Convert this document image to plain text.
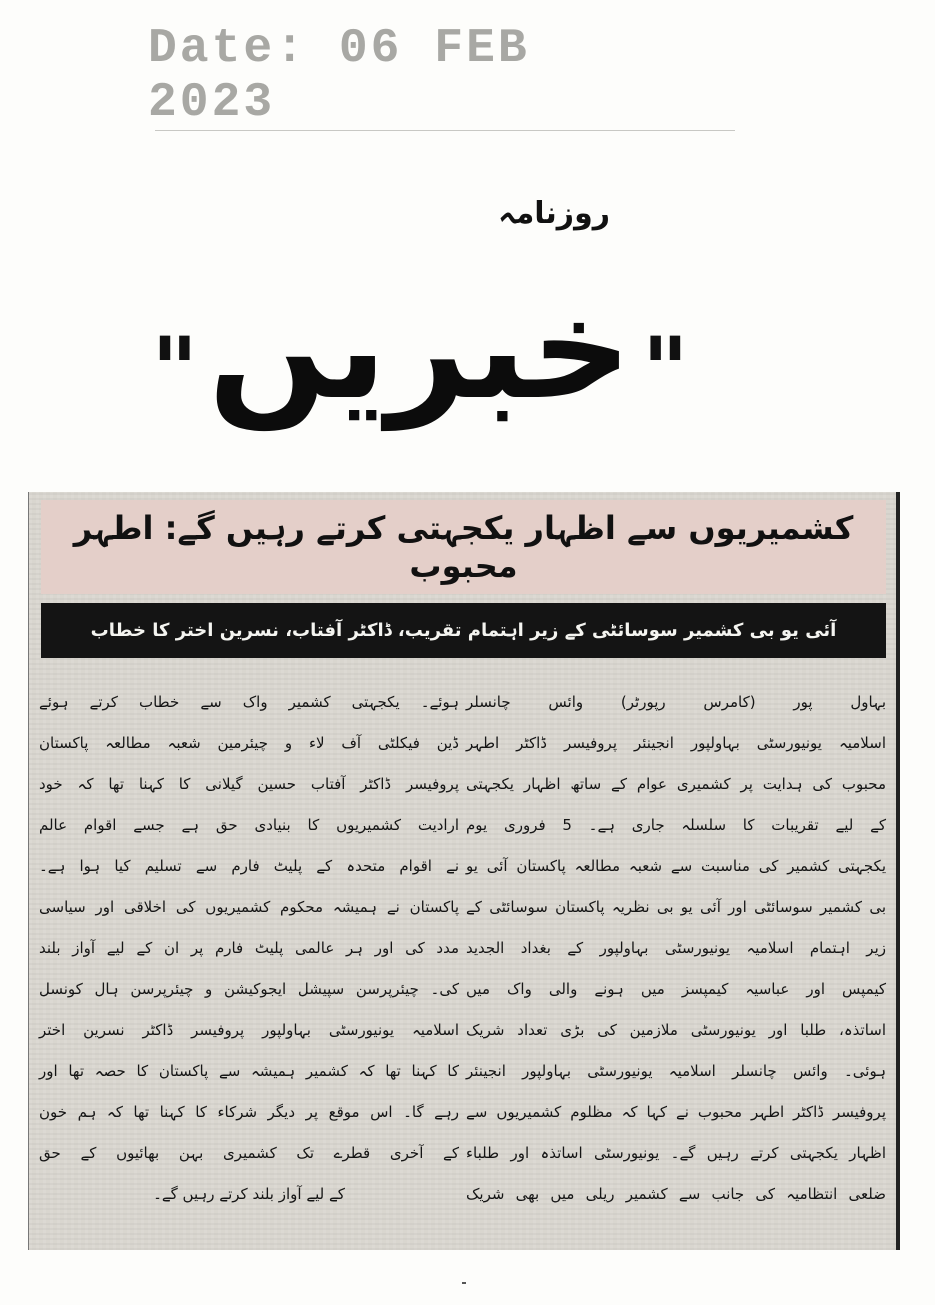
Date: 06 FEB 2023
روزنامہ
" خبریں "
کشمیریوں سے اظہار یکجہتی کرتے رہیں گے: اطہر محبوب
آئی یو بی کشمیر سوسائٹی کے زیر اہتمام تقریب، ڈاکٹر آفتاب، نسرین اختر کا خطاب
بہاول پور (کامرس رپورٹر) وائس چانسلر
اسلامیہ یونیورسٹی بہاولپور انجینئر پروفیسر ڈاکٹر اطہر
محبوب کی ہدایت پر کشمیری عوام کے ساتھ اظہار یکجہتی
کے لیے تقریبات کا سلسلہ جاری ہے۔ 5 فروری یوم
یکجہتی کشمیر کی مناسبت سے شعبہ مطالعہ پاکستان آئی یو
بی کشمیر سوسائٹی اور آئی یو بی نظریہ پاکستان سوسائٹی کے
زیر اہتمام اسلامیہ یونیورسٹی بہاولپور کے بغداد الجدید
کیمپس اور عباسیہ کیمپسز میں ہونے والی واک میں
اساتذہ، طلبا اور یونیورسٹی ملازمین کی بڑی تعداد شریک
ہوئی۔ وائس چانسلر اسلامیہ یونیورسٹی بہاولپور انجینئر
پروفیسر ڈاکٹر اطہر محبوب نے کہا کہ مظلوم کشمیریوں سے
اظہار یکجہتی کرتے رہیں گے۔ یونیورسٹی اساتذہ اور طلباء
ضلعی انتظامیہ کی جانب سے کشمیر ریلی میں بھی شریک
ہوئے۔ یکجہتی کشمیر واک سے خطاب کرتے ہوئے
ڈین فیکلٹی آف لاء و چیئرمین شعبہ مطالعہ پاکستان
پروفیسر ڈاکٹر آفتاب حسین گیلانی کا کہنا تھا کہ خود
ارادیت کشمیریوں کا بنیادی حق ہے جسے اقوام عالم
نے اقوام متحدہ کے پلیٹ فارم سے تسلیم کیا ہوا ہے۔
پاکستان نے ہمیشہ محکوم کشمیریوں کی اخلاقی اور سیاسی
مدد کی اور ہر عالمی پلیٹ فارم پر ان کے لیے آواز بلند
کی۔ چیئرپرسن سپیشل ایجوکیشن و چیئرپرسن ہال کونسل
اسلامیہ یونیورسٹی بہاولپور پروفیسر ڈاکٹر نسرین اختر
کا کہنا تھا کہ کشمیر ہمیشہ سے پاکستان کا حصہ تھا اور
رہے گا۔ اس موقع پر دیگر شرکاء کا کہنا تھا کہ ہم خون
کے آخری قطرے تک کشمیری بہن بھائیوں کے حق
کے لیے آواز بلند کرتے رہیں گے۔
